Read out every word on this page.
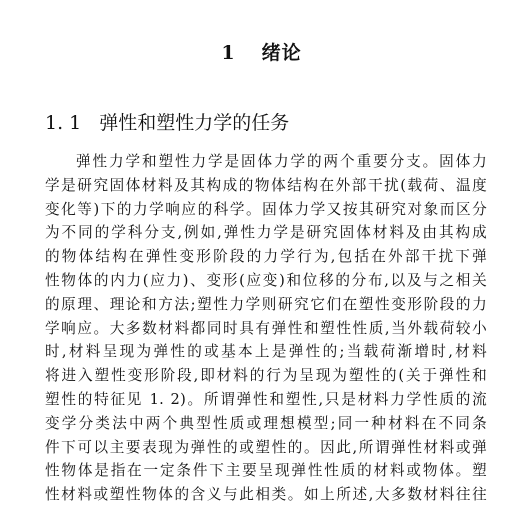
1 绪论
1. 1 弹性和塑性力学的任务
弹性力学和塑性力学是固体力学的两个重要分支。固体力
学是研究固体材料及其构成的物体结构在外部干扰(载荷、温度
变化等)下的力学响应的科学。固体力学又按其研究对象而区分
为不同的学科分支,例如,弹性力学是研究固体材料及由其构成
的物体结构在弹性变形阶段的力学行为,包括在外部干扰下弹
性物体的内力(应力)、变形(应变)和位移的分布,以及与之相关
的原理、理论和方法;塑性力学则研究它们在塑性变形阶段的力
学响应。大多数材料都同时具有弹性和塑性性质,当外载荷较小
时,材料呈现为弹性的或基本上是弹性的;当载荷渐增时,材料
将进入塑性变形阶段,即材料的行为呈现为塑性的(关于弹性和
塑性的特征见 1. 2)。所谓弹性和塑性,只是材料力学性质的流
变学分类法中两个典型性质或理想模型;同一种材料在不同条
件下可以主要表现为弹性的或塑性的。因此,所谓弹性材料或弹
性物体是指在一定条件下主要呈现弹性性质的材料或物体。塑
性材料或塑性物体的含义与此相类。如上所述,大多数材料往往
